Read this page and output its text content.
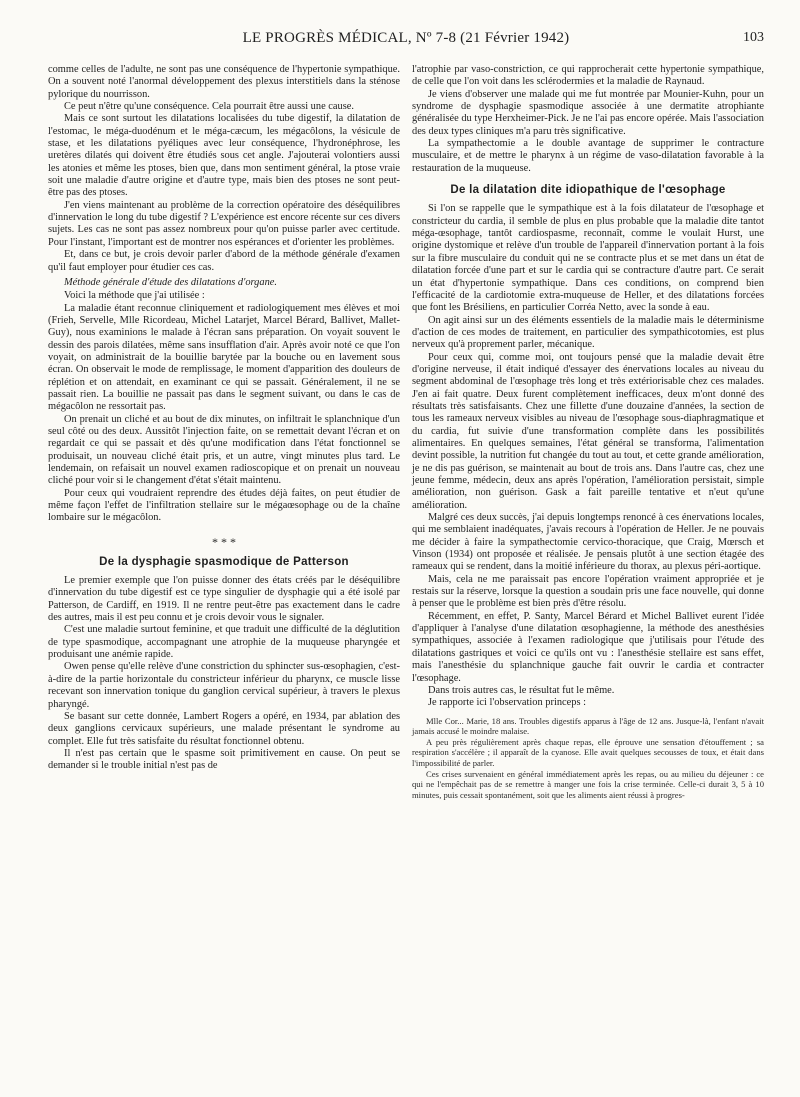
LE PROGRÈS MÉDICAL, Nº 7-8 (21 Février 1942)	103

comme celles de l'adulte, ne sont pas une conséquence de l'hypertonie sympathique. On a souvent noté l'anormal développement des plexus interstitiels dans la sténose pylorique du nourrisson.

Ce peut n'être qu'une conséquence. Cela pourrait être aussi une cause.

Mais ce sont surtout les dilatations localisées du tube digestif, la dilatation de l'estomac, le méga-duodénum et le méga-cæcum, les mégacôlons, la vésicule de stase, et les dilatations pyéliques avec leur conséquence, l'hydronéphrose, les uretères dilatés qui doivent être étudiés sous cet angle. J'ajouterai volontiers aussi les atonies et même les ptoses, bien que, dans mon sentiment général, la ptose vraie soit une maladie d'autre origine et d'autre type, mais bien des ptoses ne sont peut-être pas des ptoses.

J'en viens maintenant au problème de la correction opératoire des déséquilibres d'innervation le long du tube digestif ? L'expérience est encore récente sur ces divers sujets. Les cas ne sont pas assez nombreux pour qu'on puisse parler avec certitude. Pour l'instant, l'important est de montrer nos espérances et d'orienter les problèmes.

Et, dans ce but, je crois devoir parler d'abord de la méthode générale d'examen qu'il faut employer pour étudier ces cas.

Méthode générale d'étude des dilatations d'organe.

Voici la méthode que j'ai utilisée :

La maladie étant reconnue cliniquement et radiologiquement mes élèves et moi (Frieh, Servelle, Mlle Ricordeau, Michel Latarjet, Marcel Bérard, Ballivet, Mallet-Guy), nous examinions le malade à l'écran sans préparation. On voyait souvent le dessin des parois dilatées, même sans insufflation d'air. Après avoir noté ce que l'on voyait, on administrait de la bouillie barytée par la bouche ou en lavement sous écran. On observait le mode de remplissage, le moment d'apparition des douleurs de réplétion et on attendait, en examinant ce qui se passait. Généralement, il ne se passait rien. La bouillie ne passait pas dans le segment suivant, ou dans le cas de mégacôlon ne ressortait pas.

On prenait un cliché et au bout de dix minutes, on infiltrait le splanchnique d'un seul côté ou des deux. Aussitôt l'injection faite, on se remettait devant l'écran et on regardait ce qui se passait et dès qu'une modification dans l'état fonctionnel se produisait, un nouveau cliché était pris, et un autre, vingt minutes plus tard. Le lendemain, on refaisait un nouvel examen radioscopique et on prenait un nouveau cliché pour voir si le changement d'état s'était maintenu.

Pour ceux qui voudraient reprendre des études déjà faites, on peut étudier de même façon l'effet de l'infiltration stellaire sur le mégaœsophage ou de la chaîne lombaire sur le mégacôlon.

* * *
De la dysphagie spasmodique de Patterson

Le premier exemple que l'on puisse donner des états créés par le déséquilibre d'innervation du tube digestif est ce type singulier de dysphagie qui a été isolé par Patterson, de Cardiff, en 1919. Il ne rentre peut-être pas exactement dans le cadre des autres, mais il est peu connu et je crois devoir vous le signaler.

C'est une maladie surtout feminine, et que traduit une difficulté de la déglutition de type spasmodique, accompagnant une atrophie de la muqueuse pharyngée et produisant une anémie rapide.

Owen pense qu'elle relève d'une constriction du sphincter sus-œsophagien, c'est-à-dire de la partie horizontale du constricteur inférieur du pharynx, ce muscle lisse recevant son innervation tonique du ganglion cervical supérieur, à travers le plexus pharyngé.

Se basant sur cette donnée, Lambert Rogers a opéré, en 1934, par ablation des deux ganglions cervicaux supérieurs, une malade présentant le syndrome au complet. Elle fut très satisfaite du résultat fonctionnel obtenu.

Il n'est pas certain que le spasme soit primitivement en cause. On peut se demander si le trouble initial n'est pas de

l'atrophie par vaso-constriction, ce qui rapprocherait cette hypertonie sympathique, de celle que l'on voit dans les sclérodermies et la maladie de Raynaud.

Je viens d'observer une malade qui me fut montrée par Mounier-Kuhn, pour un syndrome de dysphagie spasmodique associée à une dermatite atrophiante généralisée du type Herxheimer-Pick. Je ne l'ai pas encore opérée. Mais l'association des deux types cliniques m'a paru très significative.

La sympathectomie a le double avantage de supprimer le contracture musculaire, et de mettre le pharynx à un régime de vaso-dilatation favorable à la restauration de la muqueuse.

De la dilatation dite idiopathique de l'œsophage

Si l'on se rappelle que le sympathique est à la fois dilatateur de l'œsophage et constricteur du cardia, il semble de plus en plus probable que la maladie dite tantot méga-œsophage, tantôt cardiospasme, reconnaît, comme le voulait Hurst, une origine dystomique et relève d'un trouble de l'appareil d'innervation portant à la fois sur la fibre musculaire du conduit qui ne se contracte plus et se met dans un état de dilatation forcée d'une part et sur le cardia qui se contracture d'autre part. Ce serait un état d'hypertonie sympathique. Dans ces conditions, on comprend bien l'efficacité de la cardiotomie extra-muqueuse de Heller, et des dilatations forcées que font les Brésiliens, en particulier Corréa Netto, avec la sonde à eau.

On agit ainsi sur un des éléments essentiels de la maladie mais le déterminisme d'action de ces modes de traitement, en particulier des sympathicotomies, est plus nerveux qu'à proprement parler, mécanique.

Pour ceux qui, comme moi, ont toujours pensé que la maladie devait être d'origine nerveuse, il était indiqué d'essayer des énervations locales au niveau du segment abdominal de l'œsophage très long et très extériorisable chez ces malades. J'en ai fait quatre. Deux furent complètement inefficaces, deux m'ont donné des résultats très satisfaisants. Chez une fillette d'une douzaine d'années, la section de tous les rameaux nerveux visibles au niveau de l'œsophage sous-diaphragmatique et du cardia, fut suivie d'une transformation complète dans les possibilités alimentaires. En quelques semaines, l'état général se transforma, l'alimentation devint possible, la nutrition fut changée du tout au tout, et cette grande amélioration, je ne dis pas guérison, se maintenait au bout de trois ans. Dans l'autre cas, chez une jeune femme, médecin, deux ans après l'opération, l'amélioration persistait, simple amélioration, non guérison. Gask a fait pareille tentative et n'eut qu'une amélioration.

Malgré ces deux succès, j'ai depuis longtemps renoncé à ces énervations locales, qui me semblaient inadéquates, j'avais recours à l'opération de Heller. Je ne pouvais me décider à faire la sympathectomie cervico-thoracique, que Craig, Mœrsch et Vinson (1934) ont proposée et réalisée. Je pensais plutôt à une section étagée des rameaux qui se rendent, dans la moitié inférieure du thorax, au plexus péri-aortique.

Mais, cela ne me paraissait pas encore l'opération vraiment appropriée et je restais sur la réserve, lorsque la question a soudain pris une face nouvelle, qui donne à penser que le problème est bien près d'être résolu.

Récemment, en effet, P. Santy, Marcel Bérard et Michel Ballivet eurent l'idée d'appliquer à l'analyse d'une dilatation œsophagienne, la méthode des anesthésies sympathiques, associée à l'examen radiologique que j'utilisais pour l'étude des dilatations gastriques et voici ce qu'ils ont vu : l'anesthésie stellaire est sans effet, mais l'anesthésie du splanchnique gauche fait ouvrir le cardia et contracter l'œsophage.

Dans trois autres cas, le résultat fut le même.

Je rapporte ici l'observation princeps :

Mlle Cor... Marie, 18 ans. Troubles digestifs apparus à l'âge de 12 ans. Jusque-là, l'enfant n'avait jamais accusé le moindre malaise.

A peu près régulièrement après chaque repas, elle éprouve une sensation d'étouffement ; sa respiration s'accélère ; il apparaît de la cyanose. Elle avait quelques secousses de toux, et était dans l'impossibilité de parler.

Ces crises survenaient en général immédiatement après les repas, ou au milieu du déjeuner : ce qui ne l'empêchait pas de se remettre à manger une fois la crise terminée. Celle-ci durait 3, 5 à 10 minutes, puis cessait spontanément, soit que les aliments aient réussi à progres-
